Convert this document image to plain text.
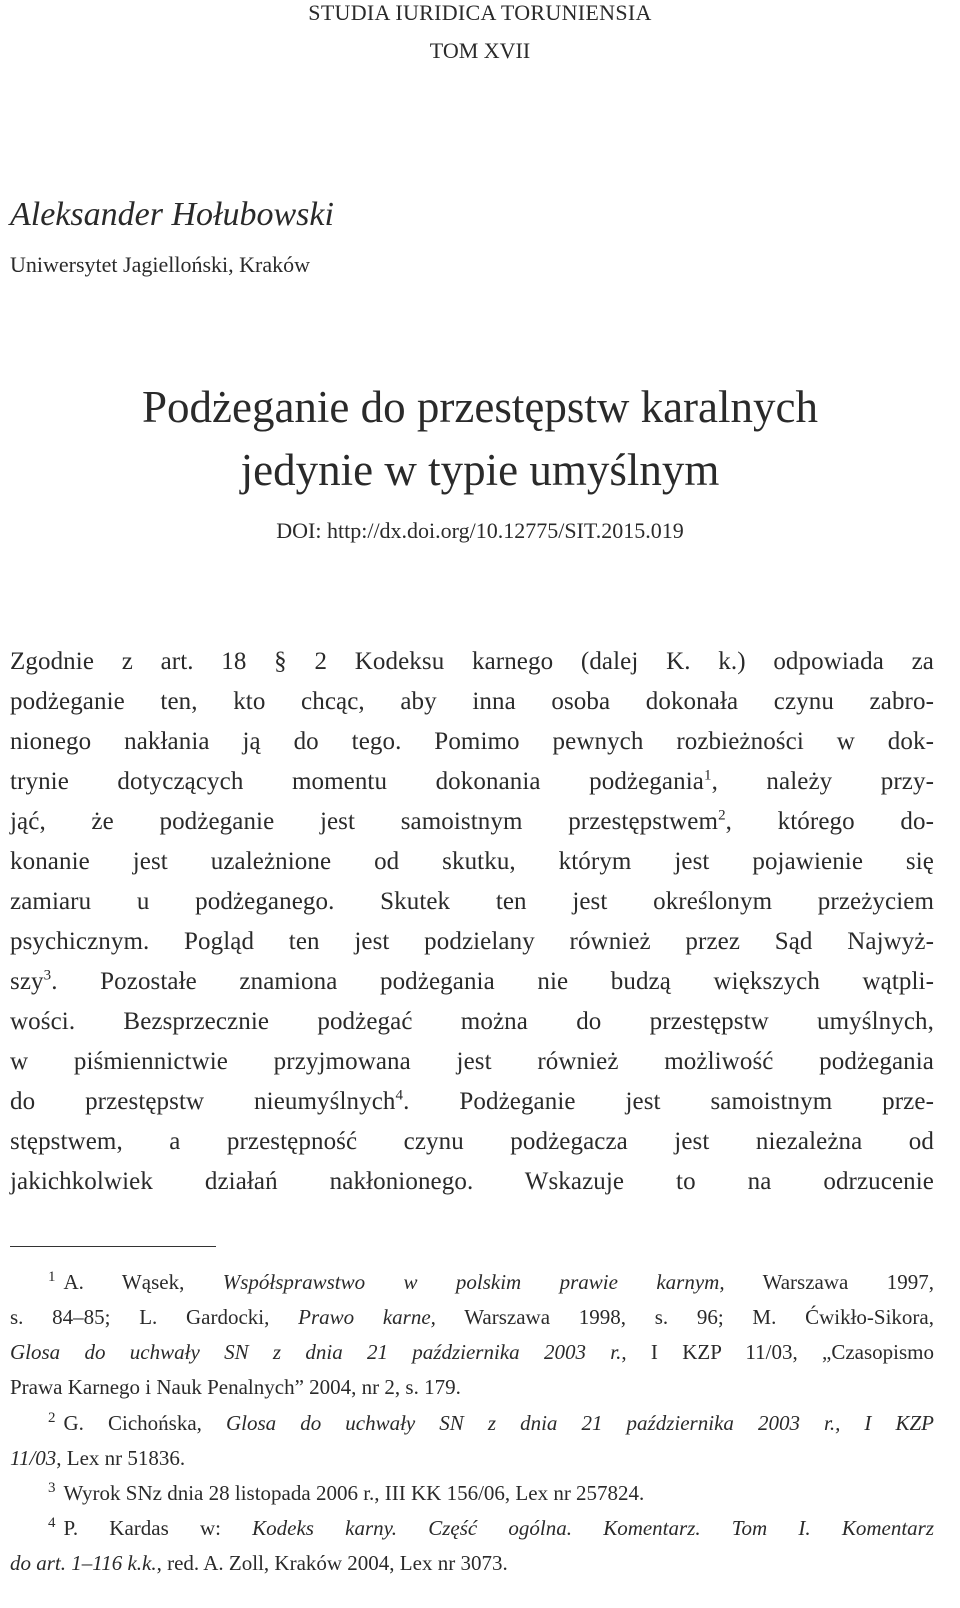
STUDIA IURIDICA TORUNIENSIA
TOM XVII
Aleksander Hołubowski
Uniwersytet Jagielloński, Kraków
Podżeganie do przestępstw karalnych
jedynie w typie umyślnym
DOI: http://dx.doi.org/10.12775/SIT.2015.019
Zgodnie z art. 18 § 2 Kodeksu karnego (dalej K. k.) odpowiada za
podżeganie ten, kto chcąc, aby inna osoba dokonała czynu zabro-
nionego nakłania ją do tego. Pomimo pewnych rozbieżności w dok-
trynie dotyczących momentu dokonania podżegania$^1$, należy przy-
jąć, że podżeganie jest samoistnym przestępstwem$^2$, którego do-
konanie jest uzależnione od skutku, którym jest pojawienie się
zamiaru u podżeganego. Skutek ten jest określonym przeżyciem
psychicznym. Pogląd ten jest podzielany również przez Sąd Najwyż-
szy$^3$. Pozostałe znamiona podżegania nie budzą większych wątpli-
wości. Bezsprzecznie podżegać można do przestępstw umyślnych,
w piśmiennictwie przyjmowana jest również możliwość podżegania
do przestępstw nieumyślnych$^4$. Podżeganie jest samoistnym prze-
stępstwem, a przestępność czynu podżegacza jest niezależna od
jakichkolwiek działań nakłonionego. Wskazuje to na odrzucenie
$^1$ A. Wąsek, Współsprawstwo w polskim prawie karnym, Warszawa 1997,
s. 84–85; L. Gardocki, Prawo karne, Warszawa 1998, s. 96; M. Ćwikło-Sikora,
Glosa do uchwały SN z dnia 21 października 2003 r., I KZP 11/03, „Czasopismo
Prawa Karnego i Nauk Penalnych” 2004, nr 2, s. 179.
$^2$ G. Cichońska, Glosa do uchwały SN z dnia 21 października 2003 r., I KZP
11/03, Lex nr 51836.
$^3$ Wyrok SNz dnia 28 listopada 2006 r., III KK 156/06, Lex nr 257824.
$^4$ P. Kardas w: Kodeks karny. Część ogólna. Komentarz. Tom I. Komentarz
do art. 1–116 k.k., red. A. Zoll, Kraków 2004, Lex nr 3073.
